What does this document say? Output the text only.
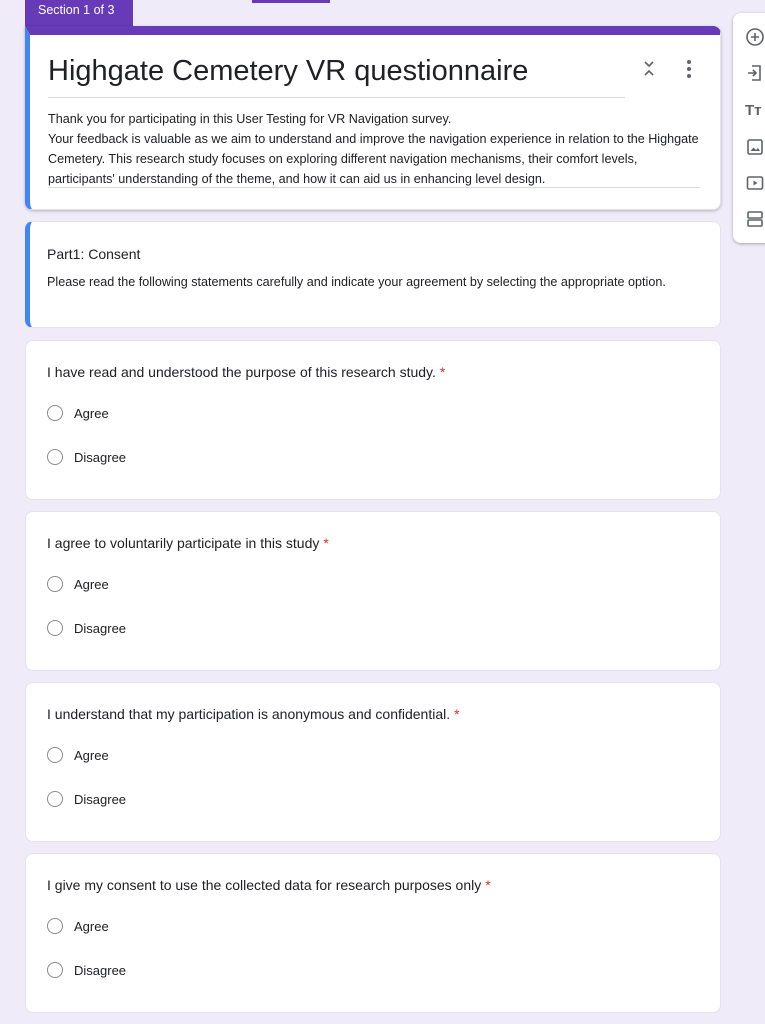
Section 1 of 3
Highgate Cemetery VR questionnaire
Thank you for participating in this User Testing for VR Navigation survey.
Your feedback is valuable as we aim to understand and improve the navigation experience in relation to the Highgate Cemetery. This research study focuses on exploring different navigation mechanisms, their comfort levels, participants' understanding of the theme, and how it can aid us in enhancing level design.
Part1: Consent
Please read the following statements carefully and indicate your agreement by selecting the appropriate option.
I have read and understood the purpose of this research study. *
Agree
Disagree
I agree to voluntarily participate in this study *
Agree
Disagree
I understand that my participation is anonymous and confidential. *
Agree
Disagree
I give my consent to use the collected data for research purposes only *
Agree
Disagree
Tт
